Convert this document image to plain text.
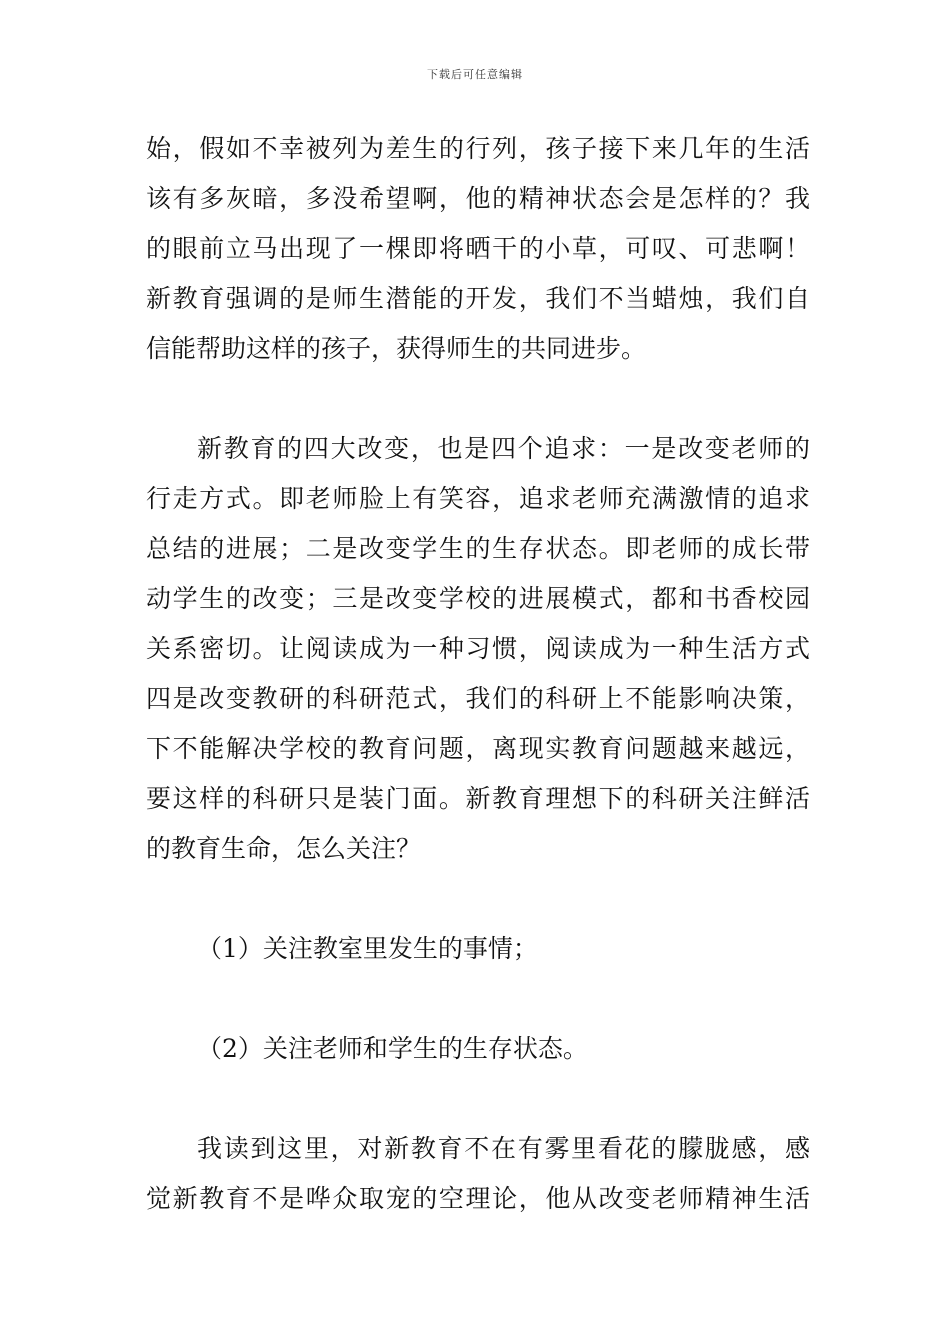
下载后可任意编辑
始，假如不幸被列为差生的行列，孩子接下来几年的生活
该有多灰暗，多没希望啊，他的精神状态会是怎样的？我
的眼前立马出现了一棵即将晒干的小草，可叹、可悲啊！
新教育强调的是师生潜能的开发，我们不当蜡烛，我们自
信能帮助这样的孩子，获得师生的共同进步。
新教育的四大改变，也是四个追求：一是改变老师的
行走方式。即老师脸上有笑容，追求老师充满激情的追求
总结的进展；二是改变学生的生存状态。即老师的成长带
动学生的改变；三是改变学校的进展模式，都和书香校园
关系密切。让阅读成为一种习惯，阅读成为一种生活方式
四是改变教研的科研范式，我们的科研上不能影响决策，
下不能解决学校的教育问题，离现实教育问题越来越远，
要这样的科研只是装门面。新教育理想下的科研关注鲜活
的教育生命，怎么关注？
（1）关注教室里发生的事情；
（2）关注老师和学生的生存状态。
我读到这里，对新教育不在有雾里看花的朦胧感，感
觉新教育不是哗众取宠的空理论，他从改变老师精神生活
